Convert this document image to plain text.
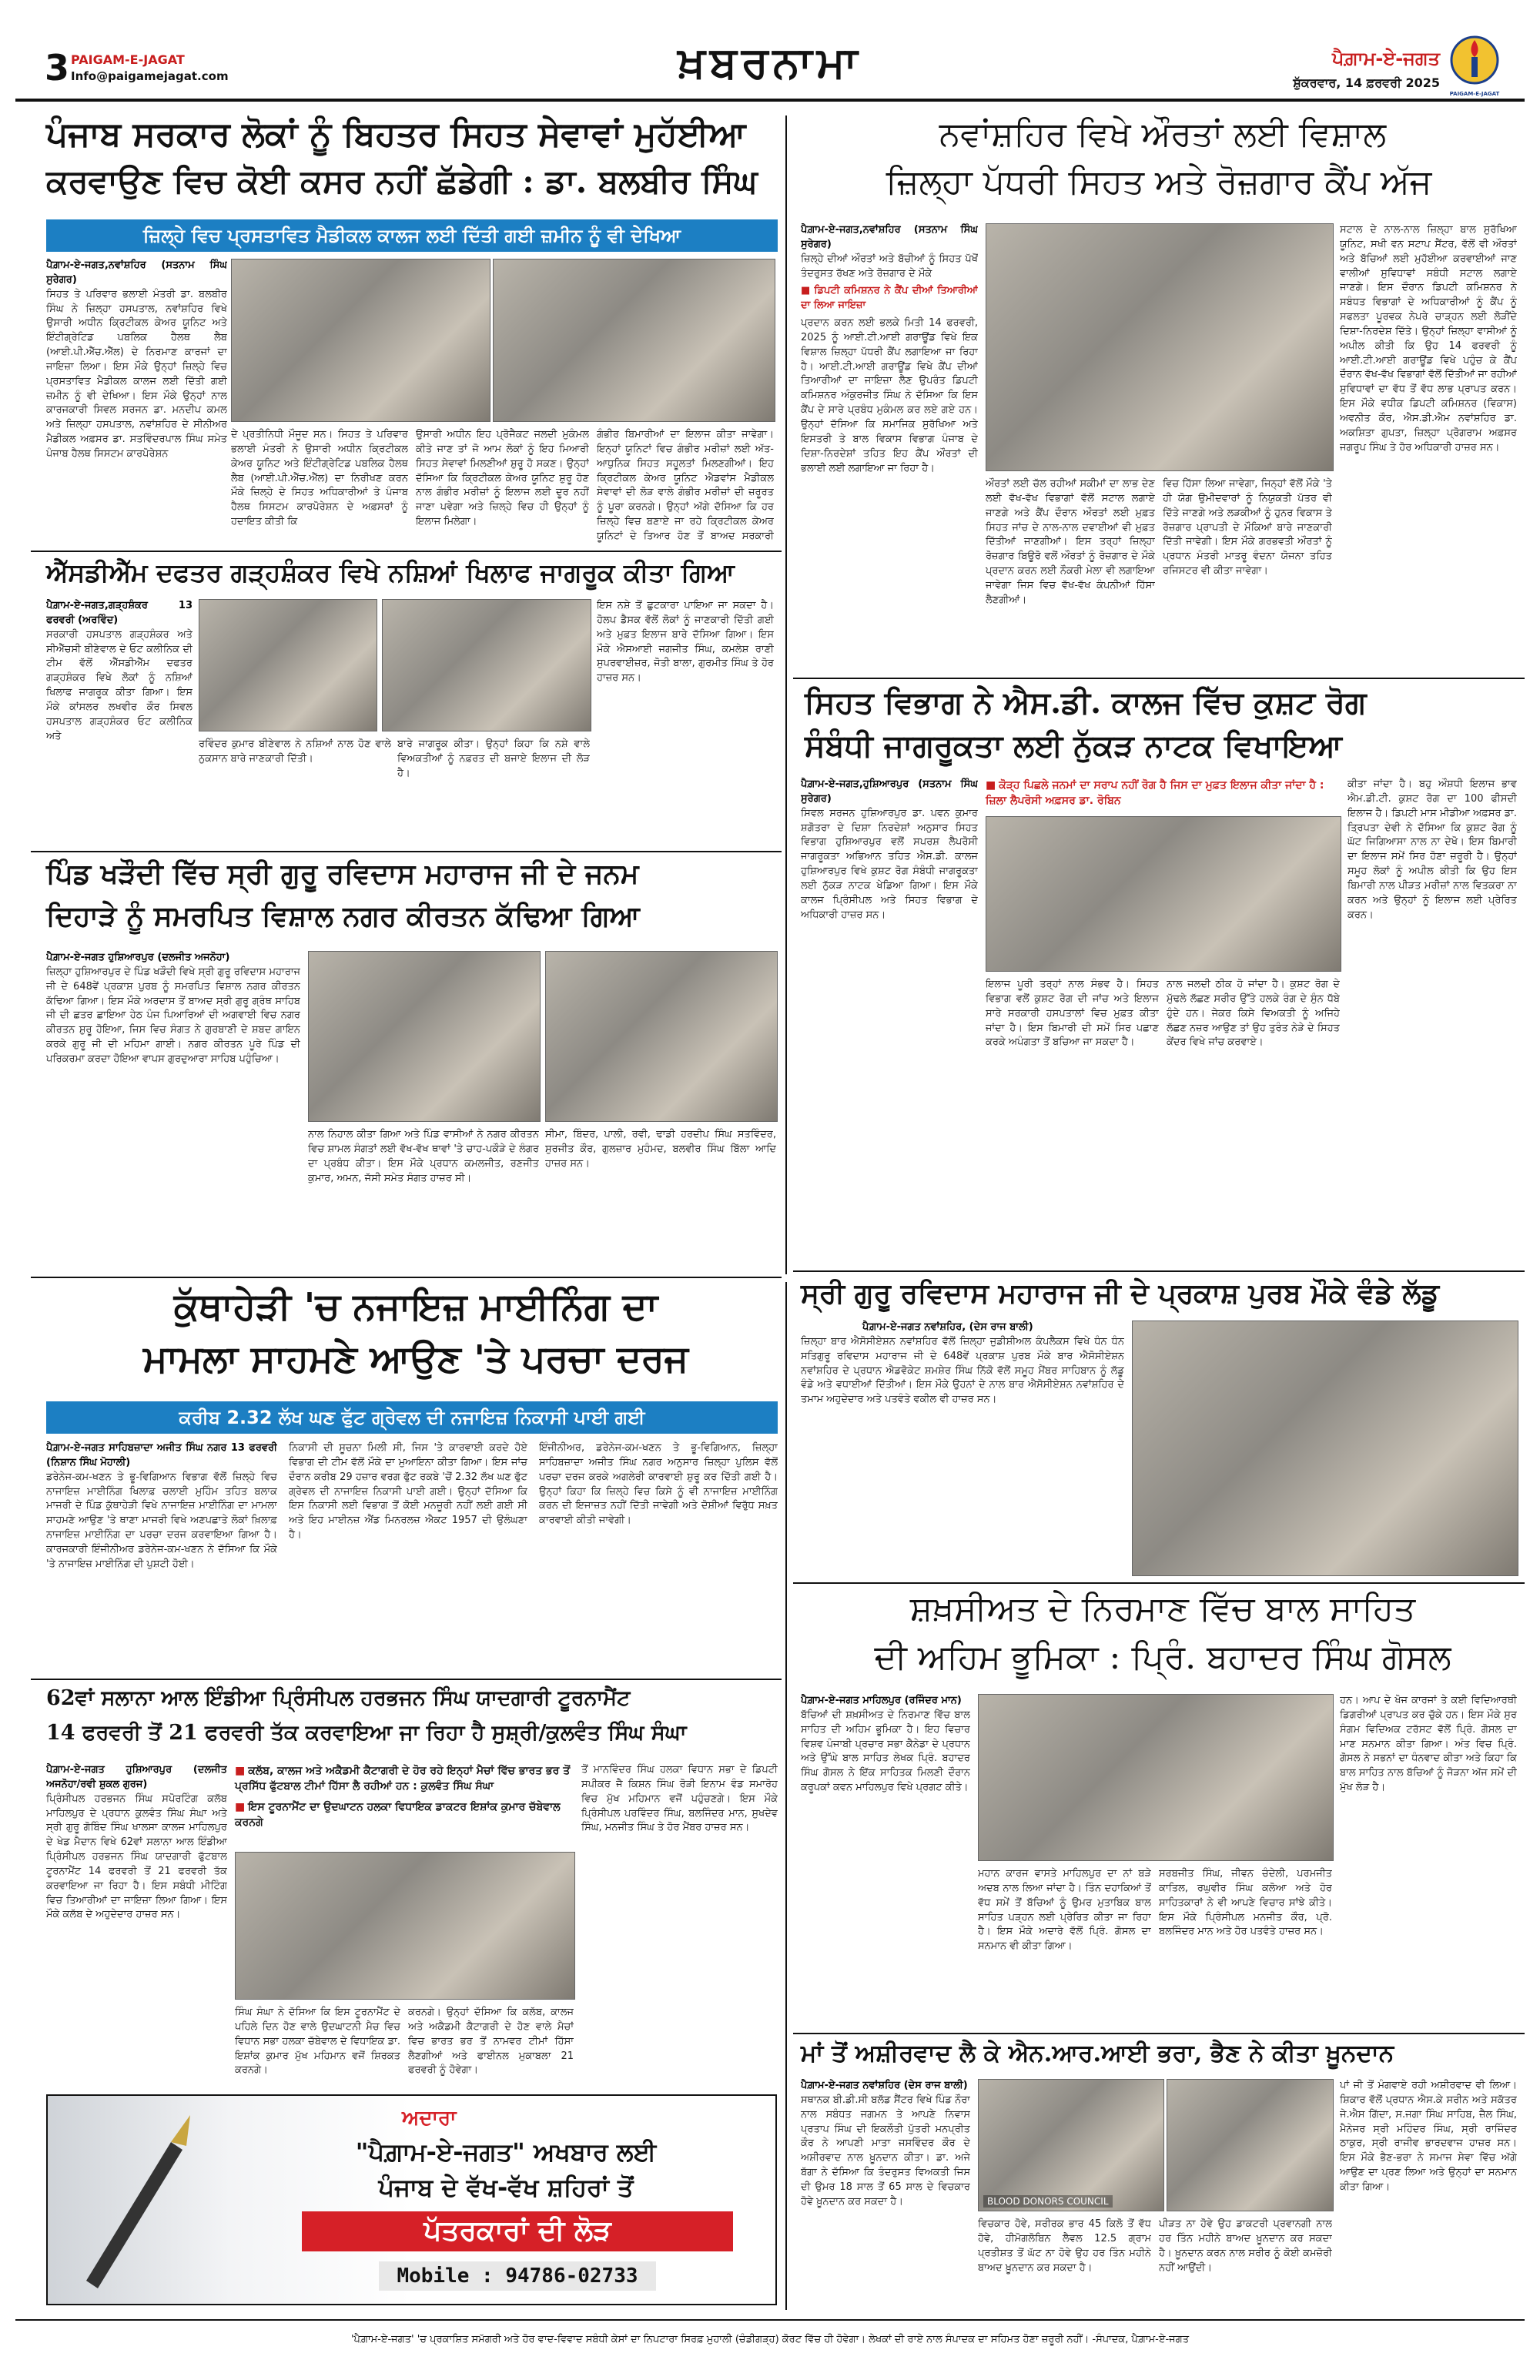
3 PAIGAM-E-JAGAT
Info@paigamejagat.com	ਖ਼ਬਰਨਾਮਾ	ਪੈਗ਼ਾਮ-ਏ-ਜਗਤ
ਸ਼ੁੱਕਰਵਾਰ, 14 ਫ਼ਰਵਰੀ 2025
PAIGAM-E-JAGAT
ਪੰਜਾਬ ਸਰਕਾਰ ਲੋਕਾਂ ਨੂੰ ਬਿਹਤਰ ਸਿਹਤ ਸੇਵਾਵਾਂ ਮੁਹੱਈਆ
ਕਰਵਾਉਣ ਵਿਚ ਕੋਈ ਕਸਰ ਨਹੀਂ ਛੱਡੇਗੀ : ਡਾ. ਬਲਬੀਰ ਸਿੰਘ
ਜ਼ਿਲ੍ਹੇ ਵਿਚ ਪ੍ਰਸਤਾਵਿਤ ਮੈਡੀਕਲ ਕਾਲਜ ਲਈ ਦਿੱਤੀ ਗਈ ਜ਼ਮੀਨ ਨੂੰ ਵੀ ਦੇਖਿਆ
ਪੈਗ਼ਾਮ-ਏ-ਜਗਤ,ਨਵਾਂਸ਼ਹਿਰ (ਸਤਨਾਮ ਸਿੰਘ ਸੁਰੇਗਰ)
ਸਿਹਤ ਤੇ ਪਰਿਵਾਰ ਭਲਾਈ ਮੰਤਰੀ ਡਾ. ਬਲਬੀਰ ਸਿੰਘ ਨੇ ਜ਼ਿਲ੍ਹਾ ਹਸਪਤਾਲ, ਨਵਾਂਸ਼ਹਿਰ ਵਿਖੇ ਉਸਾਰੀ ਅਧੀਨ ਕ੍ਰਿਟੀਕਲ ਕੇਅਰ ਯੂਨਿਟ ਅਤੇ ਇੰਟੀਗ੍ਰੇਟਿਡ ਪਬਲਿਕ ਹੈਲਥ ਲੈਬ (ਆਈ.ਪੀ.ਐੱਚ.ਐੱਲ) ਦੇ ਨਿਰਮਾਣ ਕਾਰਜਾਂ ਦਾ ਜਾਇਜ਼ਾ ਲਿਆ। ਇਸ ਮੌਕੇ ਉਨ੍ਹਾਂ ਜ਼ਿਲ੍ਹੇ ਵਿਚ ਪ੍ਰਸਤਾਵਿਤ ਮੈਡੀਕਲ ਕਾਲਜ ਲਈ ਦਿੱਤੀ ਗਈ ਜ਼ਮੀਨ ਨੂੰ ਵੀ ਦੇਖਿਆ। ਇਸ ਮੌਕੇ ਉਨ੍ਹਾਂ ਨਾਲ ਕਾਰਜਕਾਰੀ ਸਿਵਲ ਸਰਜਨ ਡਾ. ਮਨਦੀਪ ਕਮਲ ਅਤੇ ਜ਼ਿਲ੍ਹਾ ਹਸਪਤਾਲ, ਨਵਾਂਸ਼ਹਿਰ ਦੇ ਸੀਨੀਅਰ ਮੈਡੀਕਲ ਅਫ਼ਸਰ ਡਾ. ਸਤਵਿੰਦਰਪਾਲ ਸਿੰਘ ਸਮੇਤ ਪੰਜਾਬ ਹੈਲਥ ਸਿਸਟਮ ਕਾਰਪੋਰੇਸ਼ਨ
ਦੇ ਪ੍ਰਤੀਨਿਧੀ ਮੌਜੂਦ ਸਨ। ਸਿਹਤ ਤੇ ਪਰਿਵਾਰ ਭਲਾਈ ਮੰਤਰੀ ਨੇ ਉਸਾਰੀ ਅਧੀਨ ਕ੍ਰਿਟੀਕਲ ਕੇਅਰ ਯੂਨਿਟ ਅਤੇ ਇੰਟੀਗ੍ਰੇਟਿਡ ਪਬਲਿਕ ਹੈਲਥ ਲੈਬ (ਆਈ.ਪੀ.ਐੱਚ.ਐੱਲ) ਦਾ ਨਿਰੀਖਣ ਕਰਨ ਮੌਕੇ ਜ਼ਿਲ੍ਹੇ ਦੇ ਸਿਹਤ ਅਧਿਕਾਰੀਆਂ ਤੇ ਪੰਜਾਬ ਹੈਲਥ ਸਿਸਟਮ ਕਾਰਪੋਰੇਸ਼ਨ ਦੇ ਅਫ਼ਸਰਾਂ ਨੂੰ ਹਦਾਇਤ ਕੀਤੀ ਕਿ
ਉਸਾਰੀ ਅਧੀਨ ਇਹ ਪ੍ਰੋਜੈਕਟ ਜਲਦੀ ਮੁਕੰਮਲ ਕੀਤੇ ਜਾਣ ਤਾਂ ਜੋ ਆਮ ਲੋਕਾਂ ਨੂੰ ਇਹ ਮਿਆਰੀ ਸਿਹਤ ਸੇਵਾਵਾਂ ਮਿਲਣੀਆਂ ਸ਼ੁਰੂ ਹੋ ਸਕਣ। ਉਨ੍ਹਾਂ ਦੱਸਿਆ ਕਿ ਕ੍ਰਿਟੀਕਲ ਕੇਅਰ ਯੂਨਿਟ ਸ਼ੁਰੂ ਹੋਣ ਨਾਲ ਗੰਭੀਰ ਮਰੀਜ਼ਾਂ ਨੂੰ ਇਲਾਜ ਲਈ ਦੂਰ ਨਹੀਂ ਜਾਣਾ ਪਵੇਗਾ ਅਤੇ ਜ਼ਿਲ੍ਹੇ ਵਿਚ ਹੀ ਉਨ੍ਹਾਂ ਨੂੰ ਇਲਾਜ ਮਿਲੇਗਾ।
ਗੰਭੀਰ ਬਿਮਾਰੀਆਂ ਦਾ ਇਲਾਜ ਕੀਤਾ ਜਾਵੇਗਾ। ਇਨ੍ਹਾਂ ਯੂਨਿਟਾਂ ਵਿਚ ਗੰਭੀਰ ਮਰੀਜ਼ਾਂ ਲਈ ਅੱਤ-ਆਧੁਨਿਕ ਸਿਹਤ ਸਹੂਲਤਾਂ ਮਿਲਣਗੀਆਂ। ਇਹ ਕ੍ਰਿਟੀਕਲ ਕੇਅਰ ਯੂਨਿਟ ਐਡਵਾਂਸ ਮੈਡੀਕਲ ਸੇਵਾਵਾਂ ਦੀ ਲੋੜ ਵਾਲੇ ਗੰਭੀਰ ਮਰੀਜ਼ਾਂ ਦੀ ਜ਼ਰੂਰਤ ਨੂੰ ਪੂਰਾ ਕਰਨਗੇ। ਉਨ੍ਹਾਂ ਅੱਗੇ ਦੱਸਿਆ ਕਿ ਹਰ ਜ਼ਿਲ੍ਹੇ ਵਿਚ ਬਣਾਏ ਜਾ ਰਹੇ ਕ੍ਰਿਟੀਕਲ ਕੇਅਰ ਯੂਨਿਟਾਂ ਦੇ ਤਿਆਰ ਹੋਣ ਤੋਂ ਬਾਅਦ ਸਰਕਾਰੀ
ਨਵਾਂਸ਼ਹਿਰ ਵਿਖੇ ਔਰਤਾਂ ਲਈ ਵਿਸ਼ਾਲ
ਜ਼ਿਲ੍ਹਾ ਪੱਧਰੀ ਸਿਹਤ ਅਤੇ ਰੋਜ਼ਗਾਰ ਕੈਂਪ ਅੱਜ
ਪੈਗ਼ਾਮ-ਏ-ਜਗਤ,ਨਵਾਂਸ਼ਹਿਰ (ਸਤਨਾਮ ਸਿੰਘ ਸੁਰੇਗਰ)
ਜ਼ਿਲ੍ਹੇ ਦੀਆਂ ਔਰਤਾਂ ਅਤੇ ਬੱਚੀਆਂ ਨੂੰ ਸਿਹਤ ਪੱਖੋਂ ਤੰਦਰੁਸਤ ਰੱਖਣ ਅਤੇ ਰੋਜ਼ਗਾਰ ਦੇ ਮੌਕੇ
■ ਡਿਪਟੀ ਕਮਿਸ਼ਨਰ ਨੇ ਕੈਂਪ ਦੀਆਂ ਤਿਆਰੀਆਂ ਦਾ ਲਿਆ ਜਾਇਜ਼ਾ
ਪ੍ਰਦਾਨ ਕਰਨ ਲਈ ਭਲਕੇ ਮਿਤੀ 14 ਫਰਵਰੀ, 2025 ਨੂੰ ਆਈ.ਟੀ.ਆਈ ਗਰਾਊਂਡ ਵਿਖੇ ਇਕ ਵਿਸ਼ਾਲ ਜ਼ਿਲ੍ਹਾ ਪੱਧਰੀ ਕੈਂਪ ਲਗਾਇਆ ਜਾ ਰਿਹਾ ਹੈ। ਆਈ.ਟੀ.ਆਈ ਗਰਾਊਂਡ ਵਿਖੇ ਕੈਂਪ ਦੀਆਂ ਤਿਆਰੀਆਂ ਦਾ ਜਾਇਜ਼ਾ ਲੈਣ ਉਪਰੰਤ ਡਿਪਟੀ ਕਮਿਸ਼ਨਰ ਅੰਕੁਰਜੀਤ ਸਿੰਘ ਨੇ ਦੱਸਿਆ ਕਿ ਇਸ ਕੈਂਪ ਦੇ ਸਾਰੇ ਪ੍ਰਬੰਧ ਮੁਕੰਮਲ ਕਰ ਲਏ ਗਏ ਹਨ। ਉਨ੍ਹਾਂ ਦੱਸਿਆ ਕਿ ਸਮਾਜਿਕ ਸੁਰੱਖਿਆ ਅਤੇ ਇਸਤਰੀ ਤੇ ਬਾਲ ਵਿਕਾਸ ਵਿਭਾਗ ਪੰਜਾਬ ਦੇ ਦਿਸ਼ਾ-ਨਿਰਦੇਸ਼ਾਂ ਤਹਿਤ ਇਹ ਕੈਂਪ ਔਰਤਾਂ ਦੀ ਭਲਾਈ ਲਈ ਲਗਾਇਆ ਜਾ ਰਿਹਾ ਹੈ।
ਔਰਤਾਂ ਲਈ ਚੱਲ ਰਹੀਆਂ ਸਕੀਮਾਂ ਦਾ ਲਾਭ ਦੇਣ ਲਈ ਵੱਖ-ਵੱਖ ਵਿਭਾਗਾਂ ਵੱਲੋਂ ਸਟਾਲ ਲਗਾਏ ਜਾਣਗੇ ਅਤੇ ਕੈਂਪ ਦੌਰਾਨ ਔਰਤਾਂ ਲਈ ਮੁਫ਼ਤ ਸਿਹਤ ਜਾਂਚ ਦੇ ਨਾਲ-ਨਾਲ ਦਵਾਈਆਂ ਵੀ ਮੁਫ਼ਤ ਦਿੱਤੀਆਂ ਜਾਣਗੀਆਂ। ਇਸ ਤਰ੍ਹਾਂ ਜ਼ਿਲ੍ਹਾ ਰੋਜ਼ਗਾਰ ਬਿਊਰੋ ਵਲੋਂ ਔਰਤਾਂ ਨੂੰ ਰੋਜ਼ਗਾਰ ਦੇ ਮੌਕੇ ਪ੍ਰਦਾਨ ਕਰਨ ਲਈ ਨੌਕਰੀ ਮੇਲਾ ਵੀ ਲਗਾਇਆ ਜਾਵੇਗਾ ਜਿਸ ਵਿਚ ਵੱਖ-ਵੱਖ ਕੰਪਨੀਆਂ ਹਿੱਸਾ ਲੈਣਗੀਆਂ।
ਵਿਚ ਹਿੱਸਾ ਲਿਆ ਜਾਵੇਗਾ, ਜਿਨ੍ਹਾਂ ਵੱਲੋਂ ਮੌਕੇ 'ਤੇ ਹੀ ਯੋਗ ਉਮੀਦਵਾਰਾਂ ਨੂੰ ਨਿਯੁਕਤੀ ਪੱਤਰ ਵੀ ਦਿੱਤੇ ਜਾਣਗੇ ਅਤੇ ਲੜਕੀਆਂ ਨੂੰ ਹੁਨਰ ਵਿਕਾਸ ਤੇ ਰੋਜ਼ਗਾਰ ਪ੍ਰਾਪਤੀ ਦੇ ਮੌਕਿਆਂ ਬਾਰੇ ਜਾਣਕਾਰੀ ਦਿੱਤੀ ਜਾਵੇਗੀ। ਇਸ ਮੌਕੇ ਗਰਭਵਤੀ ਔਰਤਾਂ ਨੂੰ ਪ੍ਰਧਾਨ ਮੰਤਰੀ ਮਾਤਰੂ ਵੰਦਨਾ ਯੋਜਨਾ ਤਹਿਤ ਰਜਿਸਟਰ ਵੀ ਕੀਤਾ ਜਾਵੇਗਾ।
ਸਟਾਲ ਦੇ ਨਾਲ-ਨਾਲ ਜ਼ਿਲ੍ਹਾ ਬਾਲ ਸੁਰੱਖਿਆ ਯੂਨਿਟ, ਸਖੀ ਵਨ ਸਟਾਪ ਸੈਂਟਰ, ਵੱਲੋਂ ਵੀ ਔਰਤਾਂ ਅਤੇ ਬੱਚਿਆਂ ਲਈ ਮੁਹੱਈਆ ਕਰਵਾਈਆਂ ਜਾਣ ਵਾਲੀਆਂ ਸੁਵਿਧਾਵਾਂ ਸਬੰਧੀ ਸਟਾਲ ਲਗਾਏ ਜਾਣਗੇ। ਇਸ ਦੌਰਾਨ ਡਿਪਟੀ ਕਮਿਸ਼ਨਰ ਨੇ ਸਬੰਧਤ ਵਿਭਾਗਾਂ ਦੇ ਅਧਿਕਾਰੀਆਂ ਨੂੰ ਕੈਂਪ ਨੂੰ ਸਫਲਤਾ ਪੂਰਵਕ ਨੇਪਰੇ ਚਾੜ੍ਹਨ ਲਈ ਲੋੜੀਂਦੇ ਦਿਸ਼ਾ-ਨਿਰਦੇਸ਼ ਦਿੱਤੇ। ਉਨ੍ਹਾਂ ਜ਼ਿਲ੍ਹਾ ਵਾਸੀਆਂ ਨੂੰ ਅਪੀਲ ਕੀਤੀ ਕਿ ਉਹ 14 ਫਰਵਰੀ ਨੂੰ ਆਈ.ਟੀ.ਆਈ ਗਰਾਊਂਡ ਵਿਖੇ ਪਹੁੰਚ ਕੇ ਕੈਂਪ ਦੌਰਾਨ ਵੱਖ-ਵੱਖ ਵਿਭਾਗਾਂ ਵੱਲੋਂ ਦਿੱਤੀਆਂ ਜਾ ਰਹੀਆਂ ਸੁਵਿਧਾਵਾਂ ਦਾ ਵੱਧ ਤੋਂ ਵੱਧ ਲਾਭ ਪ੍ਰਾਪਤ ਕਰਨ। ਇਸ ਮੌਕੇ ਵਧੀਕ ਡਿਪਟੀ ਕਮਿਸ਼ਨਰ (ਵਿਕਾਸ) ਅਵਨੀਤ ਕੌਰ, ਐਸ.ਡੀ.ਐਮ ਨਵਾਂਸ਼ਹਿਰ ਡਾ. ਅਕਸ਼ਿਤਾ ਗੁਪਤਾ, ਜ਼ਿਲ੍ਹਾ ਪ੍ਰੋਗਰਾਮ ਅਫ਼ਸਰ ਜਗਰੂਪ ਸਿੰਘ ਤੇ ਹੋਰ ਅਧਿਕਾਰੀ ਹਾਜ਼ਰ ਸਨ।
ਐੱਸਡੀਐੱਮ ਦਫਤਰ ਗੜ੍ਹਸ਼ੰਕਰ ਵਿਖੇ ਨਸ਼ਿਆਂ ਖਿਲਾਫ ਜਾਗਰੂਕ ਕੀਤਾ ਗਿਆ
ਪੈਗ਼ਾਮ-ਏ-ਜਗਤ,ਗੜ੍ਹਸ਼ੰਕਰ 13 ਫਰਵਰੀ (ਅਰਵਿੰਦ)
ਸਰਕਾਰੀ ਹਸਪਤਾਲ ਗੜ੍ਹਸ਼ੰਕਰ ਅਤੇ ਸੀਐੱਚਸੀ ਬੀਣੇਵਾਲ ਦੇ ਓਟ ਕਲੀਨਿਕ ਦੀ ਟੀਮ ਵੱਲੋਂ ਐੱਸਡੀਐੱਮ ਦਫਤਰ ਗੜ੍ਹਸ਼ੰਕਰ ਵਿਖੇ ਲੋਕਾਂ ਨੂੰ ਨਸ਼ਿਆਂ ਖਿਲਾਫ ਜਾਗਰੂਕ ਕੀਤਾ ਗਿਆ। ਇਸ ਮੌਕੇ ਕਾਂਸਲਰ ਲਖਵੀਰ ਕੌਰ ਸਿਵਲ ਹਸਪਤਾਲ ਗੜ੍ਹਸ਼ੰਕਰ ਓਟ ਕਲੀਨਿਕ ਅਤੇ
ਰਵਿੰਦਰ ਕੁਮਾਰ ਬੀਣੇਵਾਲ ਨੇ ਨਸ਼ਿਆਂ ਨਾਲ ਹੋਣ ਵਾਲੇ ਨੁਕਸਾਨ ਬਾਰੇ ਜਾਣਕਾਰੀ ਦਿੱਤੀ।
ਬਾਰੇ ਜਾਗਰੂਕ ਕੀਤਾ। ਉਨ੍ਹਾਂ ਕਿਹਾ ਕਿ ਨਸ਼ੇ ਵਾਲੇ ਵਿਅਕਤੀਆਂ ਨੂੰ ਨਫ਼ਰਤ ਦੀ ਬਜਾਏ ਇਲਾਜ ਦੀ ਲੋੜ ਹੈ।
ਇਸ ਨਸ਼ੇ ਤੋਂ ਛੁਟਕਾਰਾ ਪਾਇਆ ਜਾ ਸਕਦਾ ਹੈ। ਹੋਲਪ ਡੈਸਕ ਵੱਲੋਂ ਲੋਕਾਂ ਨੂੰ ਜਾਣਕਾਰੀ ਦਿੱਤੀ ਗਈ ਅਤੇ ਮੁਫ਼ਤ ਇਲਾਜ ਬਾਰੇ ਦੱਸਿਆ ਗਿਆ। ਇਸ ਮੌਕੇ ਐਸਆਈ ਜਗਜੀਤ ਸਿੰਘ, ਕਮਲੇਸ਼ ਰਾਣੀ ਸੁਪਰਵਾਈਜ਼ਰ, ਜੋਤੀ ਬਾਲਾ, ਗੁਰਮੀਤ ਸਿੰਘ ਤੇ ਹੋਰ ਹਾਜ਼ਰ ਸਨ।
ਸਿਹਤ ਵਿਭਾਗ ਨੇ ਐਸ.ਡੀ. ਕਾਲਜ ਵਿੱਚ ਕੁਸ਼ਟ ਰੋਗ
ਸੰਬੰਧੀ ਜਾਗਰੂਕਤਾ ਲਈ ਨੁੱਕੜ ਨਾਟਕ ਵਿਖਾਇਆ
ਪੈਗ਼ਾਮ-ਏ-ਜਗਤ,ਹੁਸ਼ਿਆਰਪੁਰ (ਸਤਨਾਮ ਸਿੰਘ ਸੁਰੇਗਰ)
ਸਿਵਲ ਸਰਜਨ ਹੁਸ਼ਿਆਰਪੁਰ ਡਾ. ਪਵਨ ਕੁਮਾਰ ਸ਼ਗੋਤਰਾ ਦੇ ਦਿਸ਼ਾ ਨਿਰਦੇਸ਼ਾਂ ਅਨੁਸਾਰ ਸਿਹਤ ਵਿਭਾਗ ਹੁਸ਼ਿਆਰਪੁਰ ਵਲੋਂ ਸਪਰਸ਼ ਲੈਪਰੋਸੀ ਜਾਗਰੂਕਤਾ ਅਭਿਆਨ ਤਹਿਤ ਐਸ.ਡੀ. ਕਾਲਜ ਹੁਸ਼ਿਆਰਪੁਰ ਵਿਖੇ ਕੁਸ਼ਟ ਰੋਗ ਸੰਬੰਧੀ ਜਾਗਰੂਕਤਾ ਲਈ ਨੁੱਕੜ ਨਾਟਕ ਖੇਡਿਆ ਗਿਆ। ਇਸ ਮੌਕੇ ਕਾਲਜ ਪ੍ਰਿੰਸੀਪਲ ਅਤੇ ਸਿਹਤ ਵਿਭਾਗ ਦੇ ਅਧਿਕਾਰੀ ਹਾਜ਼ਰ ਸਨ।
■ ਕੋੜ੍ਹ ਪਿਛਲੇ ਜਨਮਾਂ ਦਾ ਸਰਾਪ ਨਹੀਂ ਰੋਗ ਹੈ ਜਿਸ ਦਾ ਮੁਫ਼ਤ ਇਲਾਜ ਕੀਤਾ ਜਾਂਦਾ ਹੈ : ਜ਼ਿਲਾ ਲੈਪਰੋਸੀ ਅਫ਼ਸਰ ਡਾ. ਰੋਬਿਨ
ਇਲਾਜ ਪੂਰੀ ਤਰ੍ਹਾਂ ਨਾਲ ਸੰਭਵ ਹੈ। ਸਿਹਤ ਵਿਭਾਗ ਵਲੋਂ ਕੁਸ਼ਟ ਰੋਗ ਦੀ ਜਾਂਚ ਅਤੇ ਇਲਾਜ ਸਾਰੇ ਸਰਕਾਰੀ ਹਸਪਤਾਲਾਂ ਵਿਚ ਮੁਫ਼ਤ ਕੀਤਾ ਜਾਂਦਾ ਹੈ। ਇਸ ਬਿਮਾਰੀ ਦੀ ਸਮੇਂ ਸਿਰ ਪਛਾਣ ਕਰਕੇ ਅਪੰਗਤਾ ਤੋਂ ਬਚਿਆ ਜਾ ਸਕਦਾ ਹੈ।
ਨਾਲ ਜਲਦੀ ਠੀਕ ਹੋ ਜਾਂਦਾ ਹੈ। ਕੁਸ਼ਟ ਰੋਗ ਦੇ ਮੁੱਢਲੇ ਲੱਛਣ ਸਰੀਰ ਉੱਤੇ ਹਲਕੇ ਰੰਗ ਦੇ ਸੁੰਨ ਧੱਬੇ ਹੁੰਦੇ ਹਨ। ਜੇਕਰ ਕਿਸੇ ਵਿਅਕਤੀ ਨੂੰ ਅਜਿਹੇ ਲੱਛਣ ਨਜ਼ਰ ਆਉਣ ਤਾਂ ਉਹ ਤੁਰੰਤ ਨੇੜੇ ਦੇ ਸਿਹਤ ਕੇਂਦਰ ਵਿਖੇ ਜਾਂਚ ਕਰਵਾਏ।
ਕੀਤਾ ਜਾਂਦਾ ਹੈ। ਬਹੁ ਔਸ਼ਧੀ ਇਲਾਜ ਭਾਵ ਐਮ.ਡੀ.ਟੀ. ਕੁਸ਼ਟ ਰੋਗ ਦਾ 100 ਫੀਸਦੀ ਇਲਾਜ ਹੈ। ਡਿਪਟੀ ਮਾਸ ਮੀਡੀਆ ਅਫ਼ਸਰ ਡਾ. ਤ੍ਰਿਪਤਾ ਦੇਵੀ ਨੇ ਦੱਸਿਆ ਕਿ ਕੁਸ਼ਟ ਰੋਗ ਨੂੰ ਘੱਟ ਜਿਗਿਆਸਾ ਨਾਲ ਨਾ ਦੇਖੋ। ਇਸ ਬਿਮਾਰੀ ਦਾ ਇਲਾਜ ਸਮੇਂ ਸਿਰ ਹੋਣਾ ਜ਼ਰੂਰੀ ਹੈ। ਉਨ੍ਹਾਂ ਸਮੂਹ ਲੋਕਾਂ ਨੂੰ ਅਪੀਲ ਕੀਤੀ ਕਿ ਉਹ ਇਸ ਬਿਮਾਰੀ ਨਾਲ ਪੀੜਤ ਮਰੀਜ਼ਾਂ ਨਾਲ ਵਿਤਕਰਾ ਨਾ ਕਰਨ ਅਤੇ ਉਨ੍ਹਾਂ ਨੂੰ ਇਲਾਜ ਲਈ ਪ੍ਰੇਰਿਤ ਕਰਨ।
ਪਿੰਡ ਖੜੌਦੀ ਵਿੱਚ ਸ੍ਰੀ ਗੁਰੂ ਰਵਿਦਾਸ ਮਹਾਰਾਜ ਜੀ ਦੇ ਜਨਮ
ਦਿਹਾੜੇ ਨੂੰ ਸਮਰਪਿਤ ਵਿਸ਼ਾਲ ਨਗਰ ਕੀਰਤਨ ਕੱਢਿਆ ਗਿਆ
ਪੈਗ਼ਾਮ-ਏ-ਜਗਤ ਹੁਸ਼ਿਆਰਪੁਰ (ਦਲਜੀਤ ਅਜਨੋਹਾ)
ਜ਼ਿਲ੍ਹਾ ਹੁਸ਼ਿਆਰਪੁਰ ਦੇ ਪਿੰਡ ਖੜੌਦੀ ਵਿਖੇ ਸ੍ਰੀ ਗੁਰੂ ਰਵਿਦਾਸ ਮਹਾਰਾਜ ਜੀ ਦੇ 648ਵੇਂ ਪ੍ਰਕਾਸ਼ ਪੁਰਬ ਨੂੰ ਸਮਰਪਿਤ ਵਿਸ਼ਾਲ ਨਗਰ ਕੀਰਤਨ ਕੱਢਿਆ ਗਿਆ। ਇਸ ਮੌਕੇ ਅਰਦਾਸ ਤੋਂ ਬਾਅਦ ਸ੍ਰੀ ਗੁਰੂ ਗ੍ਰੰਥ ਸਾਹਿਬ ਜੀ ਦੀ ਛਤਰ ਛਾਇਆ ਹੇਠ ਪੰਜ ਪਿਆਰਿਆਂ ਦੀ ਅਗਵਾਈ ਵਿਚ ਨਗਰ ਕੀਰਤਨ ਸ਼ੁਰੂ ਹੋਇਆ, ਜਿਸ ਵਿਚ ਸੰਗਤ ਨੇ ਗੁਰਬਾਣੀ ਦੇ ਸ਼ਬਦ ਗਾਇਨ ਕਰਕੇ ਗੁਰੂ ਜੀ ਦੀ ਮਹਿਮਾ ਗਾਈ। ਨਗਰ ਕੀਰਤਨ ਪੂਰੇ ਪਿੰਡ ਦੀ ਪਰਿਕਰਮਾ ਕਰਦਾ ਹੋਇਆ ਵਾਪਸ ਗੁਰਦੁਆਰਾ ਸਾਹਿਬ ਪਹੁੰਚਿਆ।
ਨਾਲ ਨਿਹਾਲ ਕੀਤਾ ਗਿਆ ਅਤੇ ਪਿੰਡ ਵਾਸੀਆਂ ਨੇ ਨਗਰ ਕੀਰਤਨ ਵਿਚ ਸ਼ਾਮਲ ਸੰਗਤਾਂ ਲਈ ਵੱਖ-ਵੱਖ ਥਾਵਾਂ 'ਤੇ ਚਾਹ-ਪਕੌੜੇ ਦੇ ਲੰਗਰ ਦਾ ਪ੍ਰਬੰਧ ਕੀਤਾ। ਇਸ ਮੌਕੇ ਪ੍ਰਧਾਨ ਕਮਲਜੀਤ, ਰਣਜੀਤ ਕੁਮਾਰ, ਅਮਨ, ਜੱਸੀ ਸਮੇਤ ਸੰਗਤ ਹਾਜ਼ਰ ਸੀ।
ਸੀਮਾ, ਬਿੰਦਰ, ਪਾਲੀ, ਰਵੀ, ਢਾਡੀ ਹਰਦੀਪ ਸਿੰਘ ਸਤਵਿੰਦਰ, ਸੁਰਜੀਤ ਕੌਰ, ਗੁਲਜ਼ਾਰ ਮੁਹੰਮਦ, ਬਲਵੀਰ ਸਿੰਘ ਬਿੱਲਾ ਆਦਿ ਹਾਜ਼ਰ ਸਨ।
ਕੁੱਥਾਹੇੜੀ 'ਚ ਨਜਾਇਜ਼ ਮਾਈਨਿੰਗ ਦਾ
ਮਾਮਲਾ ਸਾਹਮਣੇ ਆਉਣ 'ਤੇ ਪਰਚਾ ਦਰਜ
ਕਰੀਬ 2.32 ਲੱਖ ਘਣ ਫੁੱਟ ਗ੍ਰੇਵਲ ਦੀ ਨਜਾਇਜ਼ ਨਿਕਾਸੀ ਪਾਈ ਗਈ
ਪੈਗ਼ਾਮ-ਏ-ਜਗਤ ਸਾਹਿਬਜ਼ਾਦਾ ਅਜੀਤ ਸਿੰਘ ਨਗਰ 13 ਫਰਵਰੀ (ਨਿਸ਼ਾਨ ਸਿੰਘ ਮੋਹਾਲੀ)
ਡਰੇਨੇਜ-ਕਮ-ਖਣਨ ਤੇ ਭੂ-ਵਿਗਿਆਨ ਵਿਭਾਗ ਵੱਲੋਂ ਜ਼ਿਲ੍ਹੇ ਵਿਚ ਨਾਜਾਇਜ਼ ਮਾਈਨਿੰਗ ਖਿਲਾਫ਼ ਚਲਾਈ ਮੁਹਿੰਮ ਤਹਿਤ ਬਲਾਕ ਮਾਜਰੀ ਦੇ ਪਿੰਡ ਕੁੱਥਾਹੇੜੀ ਵਿਖੇ ਨਾਜਾਇਜ਼ ਮਾਈਨਿੰਗ ਦਾ ਮਾਮਲਾ ਸਾਹਮਣੇ ਆਉਣ 'ਤੇ ਥਾਣਾ ਮਾਜਰੀ ਵਿਖੇ ਅਣਪਛਾਤੇ ਲੋਕਾਂ ਖ਼ਿਲਾਫ਼ ਨਾਜਾਇਜ਼ ਮਾਈਨਿੰਗ ਦਾ ਪਰਚਾ ਦਰਜ ਕਰਵਾਇਆ ਗਿਆ ਹੈ। ਕਾਰਜਕਾਰੀ ਇੰਜੀਨੀਅਰ ਡਰੇਨੇਜ-ਕਮ-ਖਣਨ ਨੇ ਦੱਸਿਆ ਕਿ ਮੌਕੇ 'ਤੇ ਨਾਜਾਇਜ਼ ਮਾਈਨਿੰਗ ਦੀ ਪੁਸ਼ਟੀ ਹੋਈ।
ਨਿਕਾਸੀ ਦੀ ਸੂਚਨਾ ਮਿਲੀ ਸੀ, ਜਿਸ 'ਤੇ ਕਾਰਵਾਈ ਕਰਦੇ ਹੋਏ ਵਿਭਾਗ ਦੀ ਟੀਮ ਵੱਲੋਂ ਮੌਕੇ ਦਾ ਮੁਆਇਨਾ ਕੀਤਾ ਗਿਆ। ਇਸ ਜਾਂਚ ਦੌਰਾਨ ਕਰੀਬ 29 ਹਜ਼ਾਰ ਵਰਗ ਫੁੱਟ ਰਕਬੇ 'ਚੋਂ 2.32 ਲੱਖ ਘਣ ਫੁੱਟ ਗ੍ਰੇਵਲ ਦੀ ਨਾਜਾਇਜ਼ ਨਿਕਾਸੀ ਪਾਈ ਗਈ। ਉਨ੍ਹਾਂ ਦੱਸਿਆ ਕਿ ਇਸ ਨਿਕਾਸੀ ਲਈ ਵਿਭਾਗ ਤੋਂ ਕੋਈ ਮਨਜ਼ੂਰੀ ਨਹੀਂ ਲਈ ਗਈ ਸੀ ਅਤੇ ਇਹ ਮਾਈਨਜ਼ ਐਂਡ ਮਿਨਰਲਜ਼ ਐਕਟ 1957 ਦੀ ਉਲੰਘਣਾ ਹੈ।
ਇੰਜੀਨੀਅਰ, ਡਰੇਨੇਜ-ਕਮ-ਖਣਨ ਤੇ ਭੂ-ਵਿਗਿਆਨ, ਜ਼ਿਲ੍ਹਾ ਸਾਹਿਬਜ਼ਾਦਾ ਅਜੀਤ ਸਿੰਘ ਨਗਰ ਅਨੁਸਾਰ ਜ਼ਿਲ੍ਹਾ ਪੁਲਿਸ ਵੱਲੋਂ ਪਰਚਾ ਦਰਜ ਕਰਕੇ ਅਗਲੇਰੀ ਕਾਰਵਾਈ ਸ਼ੁਰੂ ਕਰ ਦਿੱਤੀ ਗਈ ਹੈ। ਉਨ੍ਹਾਂ ਕਿਹਾ ਕਿ ਜ਼ਿਲ੍ਹੇ ਵਿਚ ਕਿਸੇ ਨੂੰ ਵੀ ਨਾਜਾਇਜ਼ ਮਾਈਨਿੰਗ ਕਰਨ ਦੀ ਇਜਾਜ਼ਤ ਨਹੀਂ ਦਿੱਤੀ ਜਾਵੇਗੀ ਅਤੇ ਦੋਸ਼ੀਆਂ ਵਿਰੁੱਧ ਸਖ਼ਤ ਕਾਰਵਾਈ ਕੀਤੀ ਜਾਵੇਗੀ।
ਸ੍ਰੀ ਗੁਰੂ ਰਵਿਦਾਸ ਮਹਾਰਾਜ ਜੀ ਦੇ ਪ੍ਰਕਾਸ਼ ਪੁਰਬ ਮੌਕੇ ਵੰਡੇ ਲੱਡੂ
ਪੈਗ਼ਾਮ-ਏ-ਜਗਤ ਨਵਾਂਸ਼ਹਿਰ, (ਦੇਸ ਰਾਜ ਬਾਲੀ)
ਜ਼ਿਲ੍ਹਾ ਬਾਰ ਐਸੋਸੀਏਸ਼ਨ ਨਵਾਂਸ਼ਹਿਰ ਵੱਲੋਂ ਜ਼ਿਲ੍ਹਾ ਜੁਡੀਸ਼ੀਅਲ ਕੰਪਲੈਕਸ ਵਿਖੇ ਧੰਨ ਧੰਨ ਸਤਿਗੁਰੂ ਰਵਿਦਾਸ ਮਹਾਰਾਜ ਜੀ ਦੇ 648ਵੇਂ ਪ੍ਰਕਾਸ਼ ਪੁਰਬ ਮੌਕੇ ਬਾਰ ਐਸੋਸੀਏਸ਼ਨ ਨਵਾਂਸ਼ਹਿਰ ਦੇ ਪ੍ਰਧਾਨ ਐਡਵੋਕੇਟ ਸ਼ਮਸ਼ੇਰ ਸਿੰਘ ਨਿੱਕੋ ਵੱਲੋਂ ਸਮੂਹ ਮੈਂਬਰ ਸਾਹਿਬਾਨ ਨੂੰ ਲੱਡੂ ਵੰਡੇ ਅਤੇ ਵਧਾਈਆਂ ਦਿੱਤੀਆਂ। ਇਸ ਮੌਕੇ ਉਹਨਾਂ ਦੇ ਨਾਲ ਬਾਰ ਐਸੋਸੀਏਸ਼ਨ ਨਵਾਂਸ਼ਹਿਰ ਦੇ ਤਮਾਮ ਅਹੁਦੇਦਾਰ ਅਤੇ ਪਤਵੰਤੇ ਵਕੀਲ ਵੀ ਹਾਜ਼ਰ ਸਨ।
ਸ਼ਖ਼ਸੀਅਤ ਦੇ ਨਿਰਮਾਣ ਵਿੱਚ ਬਾਲ ਸਾਹਿਤ
ਦੀ ਅਹਿਮ ਭੂਮਿਕਾ : ਪ੍ਰਿੰ. ਬਹਾਦਰ ਸਿੰਘ ਗੋਸਲ
ਪੈਗ਼ਾਮ-ਏ-ਜਗਤ ਮਾਹਿਲਪੁਰ (ਰਜਿੰਦਰ ਮਾਨ)
ਬੱਚਿਆਂ ਦੀ ਸ਼ਖ਼ਸੀਅਤ ਦੇ ਨਿਰਮਾਣ ਵਿੱਚ ਬਾਲ ਸਾਹਿਤ ਦੀ ਅਹਿਮ ਭੂਮਿਕਾ ਹੈ। ਇਹ ਵਿਚਾਰ ਵਿਸ਼ਵ ਪੰਜਾਬੀ ਪ੍ਰਚਾਰ ਸਭਾ ਕੈਨੇਡਾ ਦੇ ਪ੍ਰਧਾਨ ਅਤੇ ਉੱਘੇ ਬਾਲ ਸਾਹਿਤ ਲੇਖਕ ਪ੍ਰਿੰ. ਬਹਾਦਰ ਸਿੰਘ ਗੋਸਲ ਨੇ ਇੱਕ ਸਾਹਿਤਕ ਮਿਲਣੀ ਦੌਰਾਨ ਕਰੂਪਕਾਂ ਕਵਨ ਮਾਹਿਲਪੁਰ ਵਿਖੇ ਪ੍ਰਗਟ ਕੀਤੇ।
ਮਹਾਨ ਕਾਰਜ ਵਾਸਤੇ ਮਾਹਿਲਪੁਰ ਦਾ ਨਾਂ ਬੜੇ ਅਦਬ ਨਾਲ ਲਿਆ ਜਾਂਦਾ ਹੈ। ਤਿੰਨ ਦਹਾਕਿਆਂ ਤੋਂ ਵੱਧ ਸਮੇਂ ਤੋਂ ਬੱਚਿਆਂ ਨੂੰ ਉਮਰ ਮੁਤਾਬਿਕ ਬਾਲ ਸਾਹਿਤ ਪੜ੍ਹਨ ਲਈ ਪ੍ਰੇਰਿਤ ਕੀਤਾ ਜਾ ਰਿਹਾ ਹੈ। ਇਸ ਮੌਕੇ ਅਦਾਰੇ ਵੱਲੋਂ ਪ੍ਰਿੰ. ਗੋਸਲ ਦਾ ਸਨਮਾਨ ਵੀ ਕੀਤਾ ਗਿਆ।
ਸਰਬਜੀਤ ਸਿੰਘ, ਜੀਵਨ ਚੰਦੇਲੀ, ਪਰਮਜੀਤ ਕਾਤਿਲ, ਰਘੁਵੀਰ ਸਿੰਘ ਕਲੋਆ ਅਤੇ ਹੋਰ ਸਾਹਿਤਕਾਰਾਂ ਨੇ ਵੀ ਆਪਣੇ ਵਿਚਾਰ ਸਾਂਝੇ ਕੀਤੇ। ਇਸ ਮੌਕੇ ਪ੍ਰਿੰਸੀਪਲ ਮਨਜੀਤ ਕੌਰ, ਪ੍ਰੋ. ਬਲਜਿੰਦਰ ਮਾਨ ਅਤੇ ਹੋਰ ਪਤਵੰਤੇ ਹਾਜ਼ਰ ਸਨ।
ਹਨ। ਆਪ ਦੇ ਖੋਜ ਕਾਰਜਾਂ ਤੇ ਕਈ ਵਿਦਿਆਰਥੀ ਡਿਗਰੀਆਂ ਪ੍ਰਾਪਤ ਕਰ ਚੁੱਕੇ ਹਨ। ਇਸ ਮੌਕੇ ਸੁਰ ਸੰਗਮ ਵਿਦਿਅਕ ਟਰੱਸਟ ਵੱਲੋਂ ਪ੍ਰਿੰ. ਗੋਸਲ ਦਾ ਮਾਣ ਸਨਮਾਨ ਕੀਤਾ ਗਿਆ। ਅੰਤ ਵਿਚ ਪ੍ਰਿੰ. ਗੋਸਲ ਨੇ ਸਭਨਾਂ ਦਾ ਧੰਨਵਾਦ ਕੀਤਾ ਅਤੇ ਕਿਹਾ ਕਿ ਬਾਲ ਸਾਹਿਤ ਨਾਲ ਬੱਚਿਆਂ ਨੂੰ ਜੋੜਨਾ ਅੱਜ ਸਮੇਂ ਦੀ ਮੁੱਖ ਲੋੜ ਹੈ।
62ਵਾਂ ਸਲਾਨਾ ਆਲ ਇੰਡੀਆ ਪ੍ਰਿੰਸੀਪਲ ਹਰਭਜਨ ਸਿੰਘ ਯਾਦਗਾਰੀ ਟੂਰਨਾਮੈਂਟ
14 ਫਰਵਰੀ ਤੋਂ 21 ਫਰਵਰੀ ਤੱਕ ਕਰਵਾਇਆ ਜਾ ਰਿਹਾ ਹੈ ਸੁਸ਼੍ਰੀ/ਕੁਲਵੰਤ ਸਿੰਘ ਸੰਘਾ
ਪੈਗ਼ਾਮ-ਏ-ਜਗਤ ਹੁਸ਼ਿਆਰਪੁਰ (ਦਲਜੀਤ ਅਜਨੋਹਾ/ਰਵੀ ਸ਼ੁਕਲ ਗੁਰਜ)
ਪ੍ਰਿੰਸੀਪਲ ਹਰਭਜਨ ਸਿੰਘ ਸਪੋਰਟਿੰਗ ਕਲੱਬ ਮਾਹਿਲਪੁਰ ਦੇ ਪ੍ਰਧਾਨ ਕੁਲਵੰਤ ਸਿੰਘ ਸੰਘਾ ਅਤੇ ਸ੍ਰੀ ਗੁਰੂ ਗੋਬਿੰਦ ਸਿੰਘ ਖਾਲਸਾ ਕਾਲਜ ਮਾਹਿਲਪੁਰ ਦੇ ਖੇਡ ਮੈਦਾਨ ਵਿਖੇ 62ਵਾਂ ਸਲਾਨਾ ਆਲ ਇੰਡੀਆ ਪ੍ਰਿੰਸੀਪਲ ਹਰਭਜਨ ਸਿੰਘ ਯਾਦਗਾਰੀ ਫੁੱਟਬਾਲ ਟੂਰਨਾਮੈਂਟ 14 ਫਰਵਰੀ ਤੋਂ 21 ਫਰਵਰੀ ਤੱਕ ਕਰਵਾਇਆ ਜਾ ਰਿਹਾ ਹੈ। ਇਸ ਸਬੰਧੀ ਮੀਟਿੰਗ ਵਿਚ ਤਿਆਰੀਆਂ ਦਾ ਜਾਇਜ਼ਾ ਲਿਆ ਗਿਆ। ਇਸ ਮੌਕੇ ਕਲੱਬ ਦੇ ਅਹੁਦੇਦਾਰ ਹਾਜ਼ਰ ਸਨ।
■ ਕਲੱਬ, ਕਾਲਜ ਅਤੇ ਅਕੈਡਮੀ ਕੈਟਾਗਰੀ ਦੇ ਹੋਰ ਰਹੇ ਇਨ੍ਹਾਂ ਮੈਚਾਂ ਵਿੱਚ ਭਾਰਤ ਭਰ ਤੋਂ ਪ੍ਰਸਿੱਧ ਫੁੱਟਬਾਲ ਟੀਮਾਂ ਹਿੱਸਾ ਲੈ ਰਹੀਆਂ ਹਨ : ਕੁਲਵੰਤ ਸਿੰਘ ਸੰਘਾ
■ ਇਸ ਟੂਰਨਾਮੈਂਟ ਦਾ ਉਦਘਾਟਨ ਹਲਕਾ ਵਿਧਾਇਕ ਡਾਕਟਰ ਇਸ਼ਾਂਕ ਕੁਮਾਰ ਚੱਬੇਵਾਲ ਕਰਨਗੇ
ਸਿੰਘ ਸੰਘਾ ਨੇ ਦੱਸਿਆ ਕਿ ਇਸ ਟੂਰਨਾਮੈਂਟ ਦੇ ਪਹਿਲੇ ਦਿਨ ਹੋਣ ਵਾਲੇ ਉਦਘਾਟਨੀ ਮੈਚ ਵਿਚ ਵਿਧਾਨ ਸਭਾ ਹਲਕਾ ਚੱਬੇਵਾਲ ਦੇ ਵਿਧਾਇਕ ਡਾ. ਇਸ਼ਾਂਕ ਕੁਮਾਰ ਮੁੱਖ ਮਹਿਮਾਨ ਵਜੋਂ ਸ਼ਿਰਕਤ ਕਰਨਗੇ।
ਕਰਨਗੇ। ਉਨ੍ਹਾਂ ਦੱਸਿਆ ਕਿ ਕਲੱਬ, ਕਾਲਜ ਅਤੇ ਅਕੈਡਮੀ ਕੈਟਾਗਰੀ ਦੇ ਹੋਣ ਵਾਲੇ ਮੈਚਾਂ ਵਿਚ ਭਾਰਤ ਭਰ ਤੋਂ ਨਾਮਵਰ ਟੀਮਾਂ ਹਿੱਸਾ ਲੈਣਗੀਆਂ ਅਤੇ ਫਾਈਨਲ ਮੁਕਾਬਲਾ 21 ਫਰਵਰੀ ਨੂੰ ਹੋਵੇਗਾ।
ਤੋਂ ਮਾਨਵਿੰਦਰ ਸਿੰਘ ਹਲਕਾ ਵਿਧਾਨ ਸਭਾ ਦੇ ਡਿਪਟੀ ਸਪੀਕਰ ਜੈ ਕਿਸ਼ਨ ਸਿੰਘ ਰੋੜੀ ਇਨਾਮ ਵੰਡ ਸਮਾਰੋਹ ਵਿਚ ਮੁੱਖ ਮਹਿਮਾਨ ਵਜੋਂ ਪਹੁੰਚਣਗੇ। ਇਸ ਮੌਕੇ ਪ੍ਰਿੰਸੀਪਲ ਪਰਵਿੰਦਰ ਸਿੰਘ, ਬਲਜਿੰਦਰ ਮਾਨ, ਸੁਖਦੇਵ ਸਿੰਘ, ਮਨਜੀਤ ਸਿੰਘ ਤੇ ਹੋਰ ਮੈਂਬਰ ਹਾਜ਼ਰ ਸਨ।
ਅਦਾਰਾ
"ਪੈਗ਼ਾਮ-ਏ-ਜਗਤ" ਅਖਬਾਰ ਲਈ
ਪੰਜਾਬ ਦੇ ਵੱਖ-ਵੱਖ ਸ਼ਹਿਰਾਂ ਤੋਂ
ਪੱਤਰਕਾਰਾਂ ਦੀ ਲੋੜ
Mobile : 94786-02733
ਮਾਂ ਤੋਂ ਅਸ਼ੀਰਵਾਦ ਲੈ ਕੇ ਐਨ.ਆਰ.ਆਈ ਭਰਾ, ਭੈਣ ਨੇ ਕੀਤਾ ਖ਼ੂਨਦਾਨ
ਪੈਗ਼ਾਮ-ਏ-ਜਗਤ ਨਵਾਂਸ਼ਹਿਰ (ਦੇਸ ਰਾਜ ਬਾਲੀ)
ਸਥਾਨਕ ਬੀ.ਡੀ.ਸੀ ਬਲੱਡ ਸੈਂਟਰ ਵਿਖੇ ਪਿੰਡ ਨੌਰਾ ਨਾਲ ਸਬੰਧਤ ਜਗਮਨ ਤੇ ਆਪਣੇ ਨਿਵਾਸ ਪ੍ਰਤਾਪ ਸਿੰਘ ਦੀ ਇਕਲੌਤੀ ਪੁੱਤਰੀ ਮਨਪ੍ਰੀਤ ਕੌਰ ਨੇ ਆਪਣੀ ਮਾਤਾ ਜਸਵਿੰਦਰ ਕੌਰ ਦੇ ਅਸ਼ੀਰਵਾਦ ਨਾਲ ਖ਼ੂਨਦਾਨ ਕੀਤਾ। ਡਾ. ਅਜੇ ਬੱਗਾ ਨੇ ਦੱਸਿਆ ਕਿ ਤੰਦਰੁਸਤ ਵਿਅਕਤੀ ਜਿਸ ਦੀ ਉਮਰ 18 ਸਾਲ ਤੋਂ 65 ਸਾਲ ਦੇ ਵਿਚਕਾਰ ਹੋਵੇ ਖ਼ੂਨਦਾਨ ਕਰ ਸਕਦਾ ਹੈ।	BLOOD DONORS COUNCIL
ਵਿਚਕਾਰ ਹੋਵੇ, ਸਰੀਰਕ ਭਾਰ 45 ਕਿਲੋ ਤੋਂ ਵੱਧ ਹੋਵੇ, ਹੀਮੋਗਲੋਬਿਨ ਲੈਵਲ 12.5 ਗ੍ਰਾਮ ਪ੍ਰਤੀਸ਼ਤ ਤੋਂ ਘੱਟ ਨਾ ਹੋਵੇ ਉਹ ਹਰ ਤਿੰਨ ਮਹੀਨੇ ਬਾਅਦ ਖ਼ੂਨਦਾਨ ਕਰ ਸਕਦਾ ਹੈ।
ਪੀੜਤ ਨਾ ਹੋਵੇ ਉਹ ਡਾਕਟਰੀ ਪ੍ਰਵਾਨਗੀ ਨਾਲ ਹਰ ਤਿੰਨ ਮਹੀਨੇ ਬਾਅਦ ਖ਼ੂਨਦਾਨ ਕਰ ਸਕਦਾ ਹੈ। ਖ਼ੂਨਦਾਨ ਕਰਨ ਨਾਲ ਸਰੀਰ ਨੂੰ ਕੋਈ ਕਮਜ਼ੋਰੀ ਨਹੀਂ ਆਉਂਦੀ।
ਪਾਂ ਜੀ ਤੋਂ ਮੰਗਵਾਏ ਰਹੀ ਅਸ਼ੀਰਵਾਦ ਵੀ ਲਿਆ। ਸ਼ਿਕਾਰ ਵੱਲੋਂ ਪ੍ਰਧਾਨ ਐਸ.ਕੇ ਸਰੀਨ ਅਤੇ ਸਕੱਤਰ ਜੇ.ਐਸ ਗਿੱਦਾ, ਸ.ਜਗਾ ਸਿੰਘ ਸਾਹਿਬ, ਜ਼ੈਲ ਸਿੰਘ, ਮੈਨੇਜਰ ਸ੍ਰੀ ਮਹਿੰਦਰ ਸਿੰਘ, ਸ੍ਰੀ ਰਾਜਿੰਦਰ ਠਾਕੁਰ, ਸ੍ਰੀ ਰਾਜੀਵ ਭਾਰਦਵਾਜ ਹਾਜ਼ਰ ਸਨ। ਇਸ ਮੌਕੇ ਭੈਣ-ਭਰਾ ਨੇ ਸਮਾਜ ਸੇਵਾ ਵਿੱਚ ਅੱਗੇ ਆਉਣ ਦਾ ਪ੍ਰਣ ਲਿਆ ਅਤੇ ਉਨ੍ਹਾਂ ਦਾ ਸਨਮਾਨ ਕੀਤਾ ਗਿਆ।
'ਪੈਗ਼ਾਮ-ਏ-ਜਗਤ' 'ਚ ਪ੍ਰਕਾਸ਼ਿਤ ਸਮੱਗਰੀ ਅਤੇ ਹੋਰ ਵਾਦ-ਵਿਵਾਦ ਸਬੰਧੀ ਕੇਸਾਂ ਦਾ ਨਿਪਟਾਰਾ ਸਿਰਫ਼ ਮੁਹਾਲੀ (ਚੰਡੀਗੜ੍ਹ) ਕੋਰਟ ਵਿੱਚ ਹੀ ਹੋਵੇਗਾ। ਲੇਖਕਾਂ ਦੀ ਰਾਏ ਨਾਲ ਸੰਪਾਦਕ ਦਾ ਸਹਿਮਤ ਹੋਣਾ ਜ਼ਰੂਰੀ ਨਹੀਂ। -ਸੰਪਾਦਕ, ਪੈਗ਼ਾਮ-ਏ-ਜਗਤ
